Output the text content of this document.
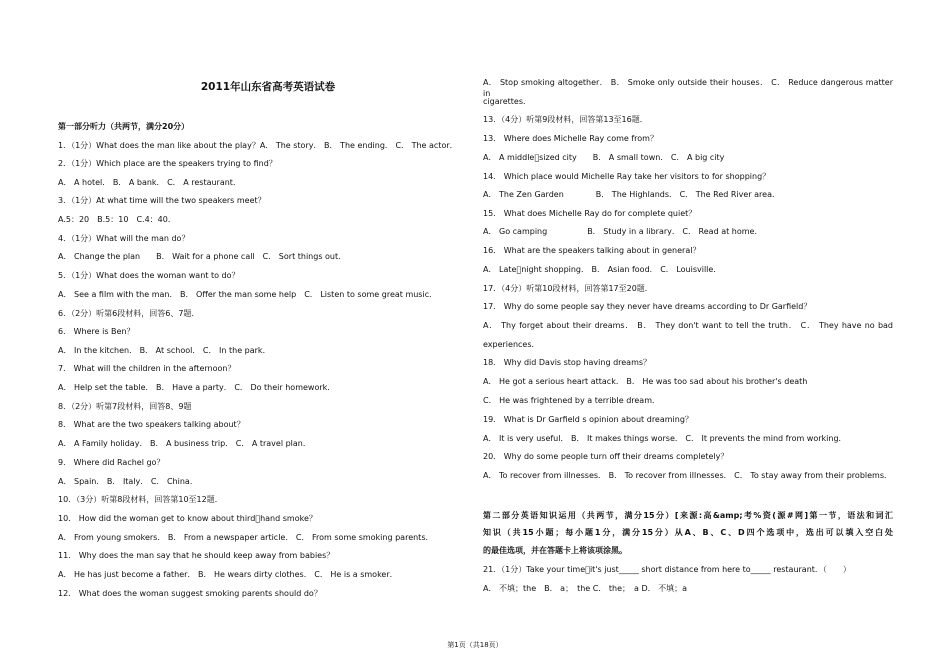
2011年山东省高考英语试卷
第一部分听力（共两节，满分20分）
1．（1分）What does the man like about the play？A． The story． B． The ending． C． The actor．
2．（1分）Which place are the speakers trying to find？
A． A hotel． B． A bank． C． A restaurant．
3．（1分）At what time will the two speakers meet？
A.5：20　B.5：10　C.4：40．
4．（1分）What will the man do？
A． Change the plan　　B． Wait for a phone call　C． Sort things out．
5．（1分）What does the woman want to do？
A． See a film with the man． B． Offer the man some help　C． Listen to some great music．
6．（2分）听第6段材料，回答6、7题．
6． Where is Ben？
A． In the kitchen． B． At school． C． In the park．
7． What will the children in the afternoon？
A． Help set the table． B． Have a party． C． Do their homework．
8．（2分）听第7段材料，回答8、9题
8． What are the two speakers talking about？
A． A Family holiday． B． A business trip． C． A travel plan．
9． Where did Rachel go？
A． Spain． B． Italy． C． China．
10．（3分）听第8段材料，回答第10至12题．
10． How did the woman get to know about third􏰀hand smoke？
A． From young smokers． B． From a newspaper article． C． From some smoking parents．
11． Why does the man say that he should keep away from babies？
A． He has just become a father． B． He wears dirty clothes． C． He is a smoker．
12． What does the woman suggest smoking parents should do？
A． Stop smoking altogether． B． Smoke only outside their houses． C． Reduce dangerous matter in
cigarettes．
13．（4分）听第9段材料，回答第13至16题．
13． Where does Michelle Ray come from？
A． A middle􏰀sized city　　B． A small town． C． A big city
14． Which place would Michelle Ray take her visitors to for shopping？
A． The Zen Garden　　　　B． The Highlands． C． The Red River area．
15． What does Michelle Ray do for complete quiet？
A． Go camping　　　　　B． Study in a library． C． Read at home．
16． What are the speakers talking about in general？
A． Late􏰀night shopping． B． Asian food． C． Louisville．
17．（4分）听第10段材料，回答第17至20题．
17． Why do some people say they never have dreams according to Dr Garfield？
A． Thy forget about their dreams． B． They don't want to tell the truth． C． They have no bad
experiences．
18． Why did Davis stop having dreams？
A． He got a serious heart attack． B． He was too sad about his brother's death
C． He was frightened by a terrible dream．
19． What is Dr Garfield s opinion about dreaming？
A． It is very useful． B． It makes things worse． C． It prevents the mind from working．
20． Why do some people turn off their dreams completely？
A． To recover from illnesses． B． To recover from illnesses． C． To stay away from their problems．
第二部分英语知识运用（共两节，满分15分）[来源:高&amp;考%资(源#网]第一节，语法和词汇
知识（共15小题；每小题1分，满分15分）从A、B、C、D四个选项中，选出可以填入空白处
的最佳选项，并在答题卡上将该项涂黑。
21．（1分）Take your time􏰀it's just_____ short distance from here to_____ restaurant．（　　）
A． 不填；the　B． a；　the C． the；　a D． 不填；a
第1页（共18页）
